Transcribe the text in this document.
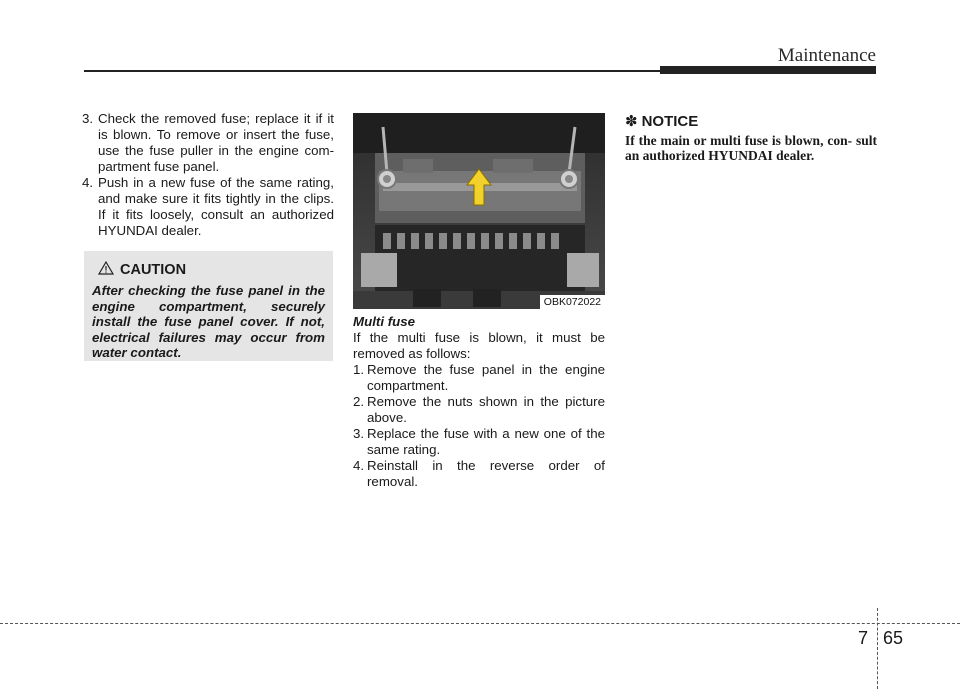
Maintenance
3. Check the removed fuse; replace it if it is blown. To remove or insert the fuse, use the fuse puller in the engine com- partment fuse panel.
4. Push in a new fuse of the same rating, and make sure it fits tightly in the clips. If it fits loosely, consult an authorized HYUNDAI dealer.
CAUTION
After checking the fuse panel in the engine compartment, securely install the fuse panel cover. If not, electrical failures may occur from water contact.
OBK072022
Multi fuse

If the multi fuse is blown, it must be removed as follows:

1. Remove the fuse panel in the engine compartment.
2. Remove the nuts shown in the picture above.
3. Replace the fuse with a new one of the same rating.
4. Reinstall in the reverse order of removal.
✽ NOTICE
If the main or multi fuse is blown, con- sult an authorized HYUNDAI dealer.
7 65
